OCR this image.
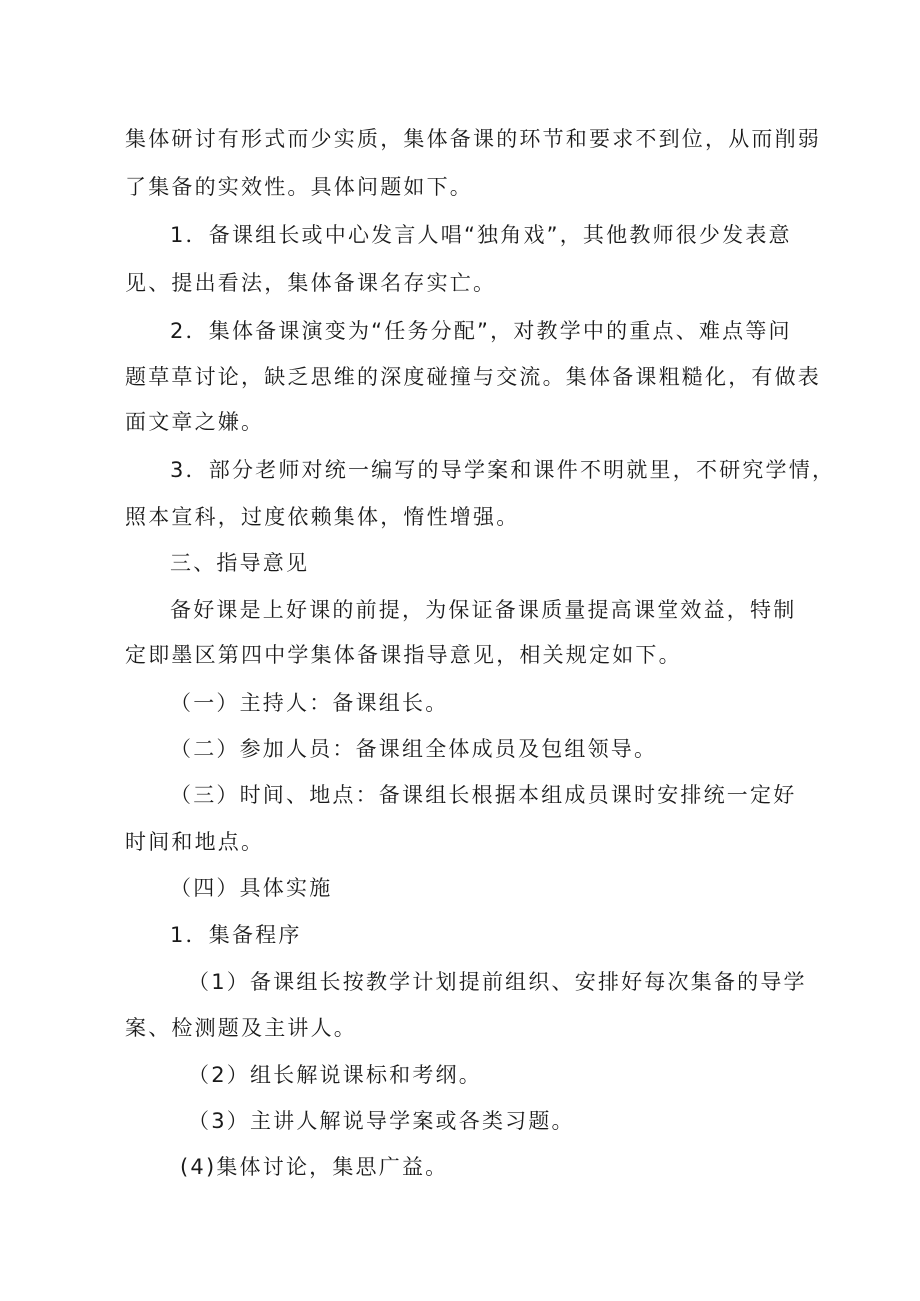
集体研讨有形式而少实质，集体备课的环节和要求不到位，从而削弱
了集备的实效性。具体问题如下。
1．备课组长或中心发言人唱“独角戏”，其他教师很少发表意
见、提出看法，集体备课名存实亡。
2．集体备课演变为“任务分配”，对教学中的重点、难点等问
题草草讨论，缺乏思维的深度碰撞与交流。集体备课粗糙化，有做表
面文章之嫌。
3．部分老师对统一编写的导学案和课件不明就里，不研究学情，
照本宣科，过度依赖集体，惰性增强。
三、指导意见
备好课是上好课的前提，为保证备课质量提高课堂效益，特制
定即墨区第四中学集体备课指导意见，相关规定如下。
（一）主持人：备课组长。
（二）参加人员：备课组全体成员及包组领导。
（三）时间、地点：备课组长根据本组成员课时安排统一定好
时间和地点。
（四）具体实施
1．集备程序
（1）备课组长按教学计划提前组织、安排好每次集备的导学
案、检测题及主讲人。
（2）组长解说课标和考纲。
（3）主讲人解说导学案或各类习题。
(4)集体讨论，集思广益。
